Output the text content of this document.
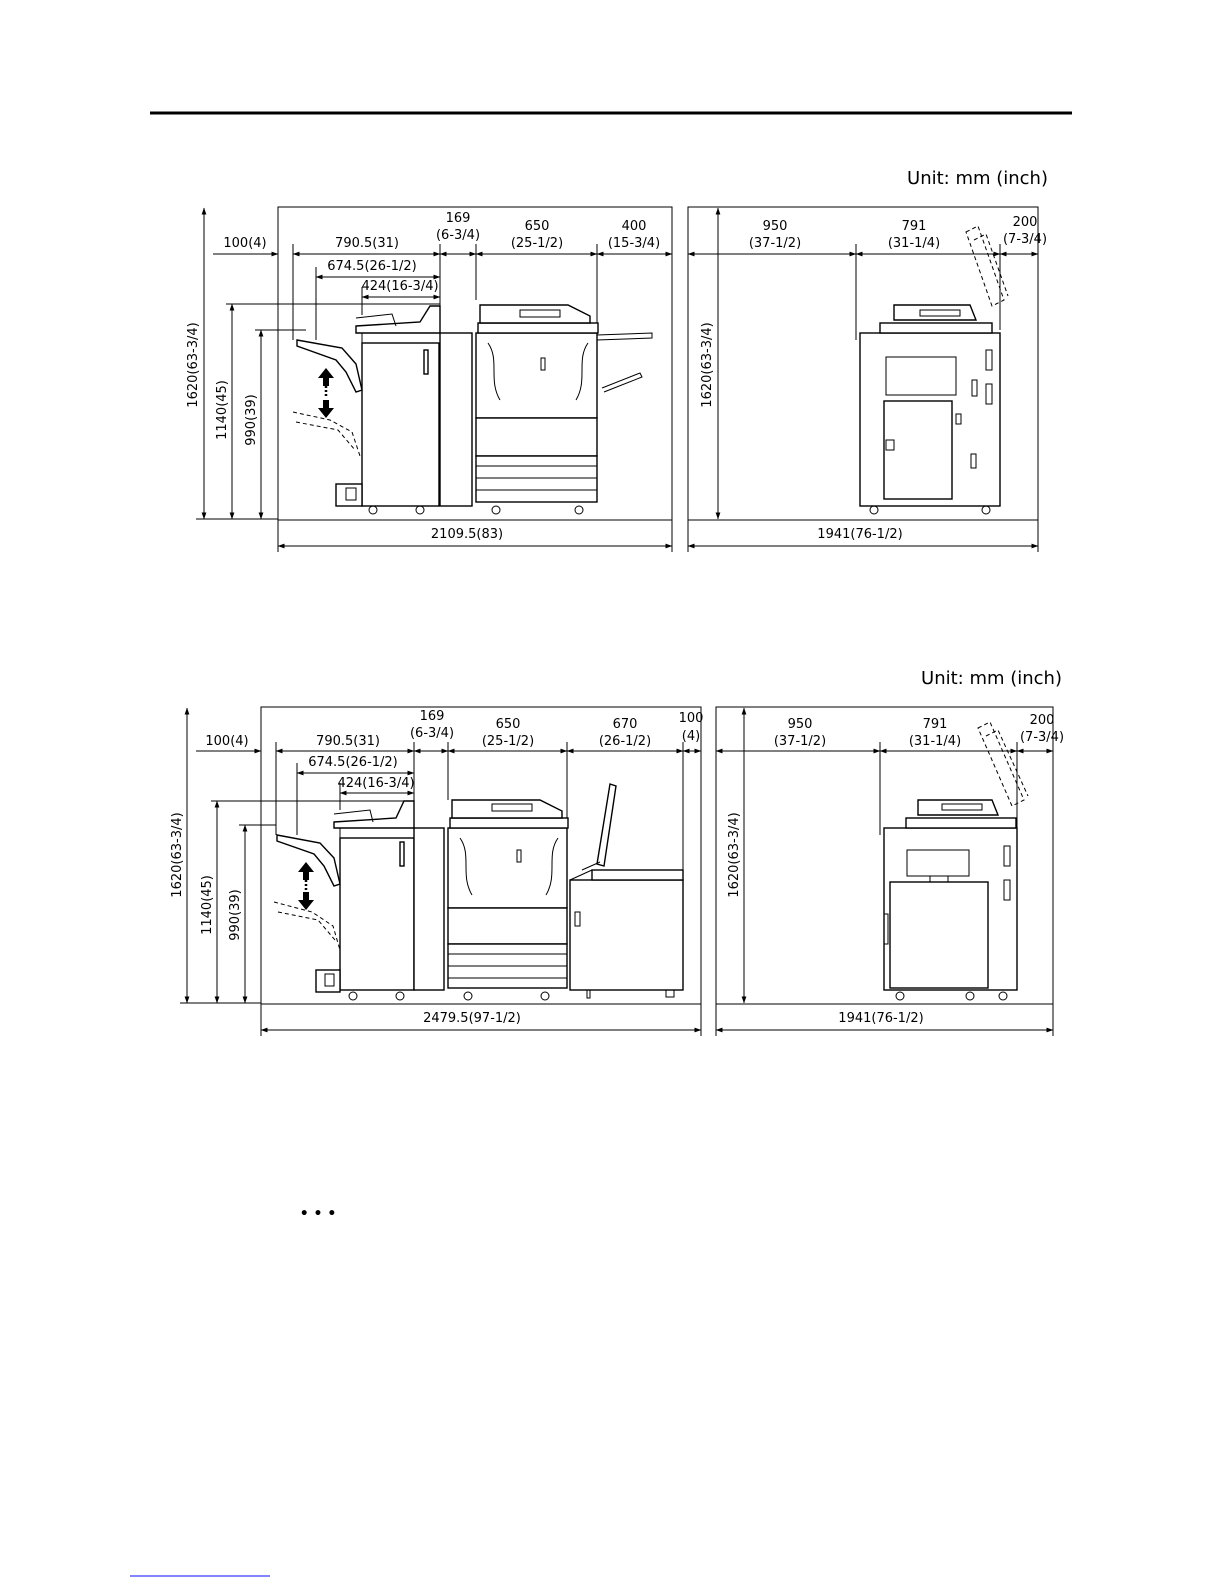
Unit: mm (inch)
1620(63-3/4)
1140(45) 990(39)
100(4)	790.5(31)
674.5(26-1/2)
424(16-3/4)
169
(6-3/4)
650
(25-1/2)
400
(15-3/4)
2109.5(83)
1620(63-3/4)
950
(37-1/2)
791
(31-1/4)
200
(7-3/4)
1941(76-1/2)
Unit: mm (inch)
1620(63-3/4)
1140(45) 990(39)
100(4)	790.5(31)
674.5(26-1/2)
424(16-3/4)
169
(6-3/4)
650
(25-1/2)
670
(26-1/2)
100
(4)
2479.5(97-1/2)
1620(63-3/4)
950
(37-1/2)
791
(31-1/4)
200
(7-3/4)
1941(76-1/2)
• • •
